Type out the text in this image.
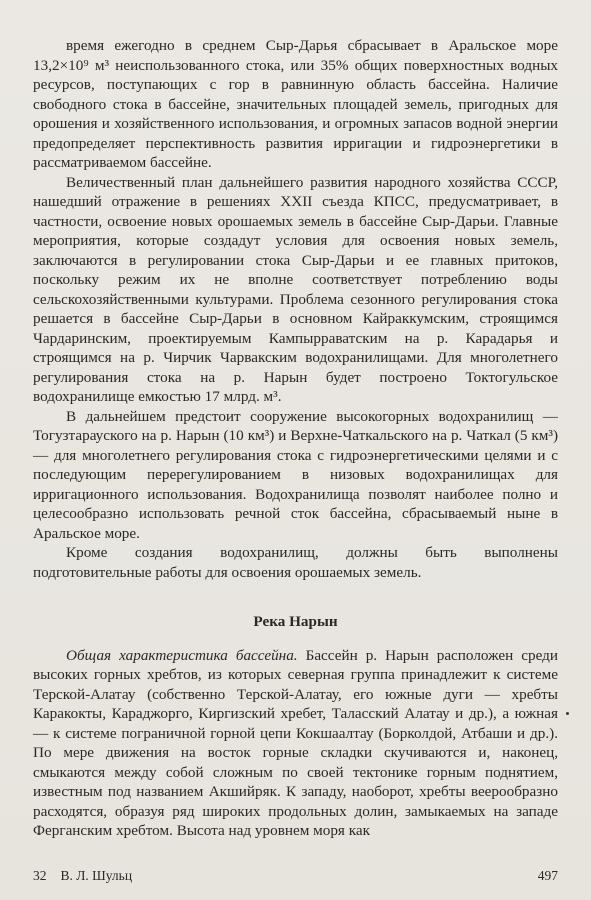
время ежегодно в среднем Сыр-Дарья сбрасывает в Аральское море 13,2×10⁹ м³ неиспользованного стока, или 35% общих поверхностных водных ресурсов, поступающих с гор в равнинную область бассейна. Наличие свободного стока в бассейне, значительных площадей земель, пригодных для орошения и хозяйственного использования, и огромных запасов водной энергии предопределяет перспективность развития ирригации и гидроэнергетики в рассматриваемом бассейне.

Величественный план дальнейшего развития народного хозяйства СССР, нашедший отражение в решениях XXII съезда КПСС, предусматривает, в частности, освоение новых орошаемых земель в бассейне Сыр-Дарьи. Главные мероприятия, которые создадут условия для освоения новых земель, заключаются в регулировании стока Сыр-Дарьи и ее главных притоков, поскольку режим их не вполне соответствует потреблению воды сельскохозяйственными культурами. Проблема сезонного регулирования стока решается в бассейне Сыр-Дарьи в основном Кайраккумским, строящимся Чардаринским, проектируемым Кампырраватским на р. Карадарья и строящимся на р. Чирчик Чарвакским водохранилищами. Для многолетнего регулирования стока на р. Нарын будет построено Токтогульское водохранилище емкостью 17 млрд. м³.

В дальнейшем предстоит сооружение высокогорных водохранилищ — Тогузтарауского на р. Нарын (10 км³) и Верхне-Чаткальского на р. Чаткал (5 км³) — для многолетнего регулирования стока с гидроэнергетическими целями и с последующим перерегулированием в низовых водохранилищах для ирригационного использования. Водохранилища позволят наиболее полно и целесообразно использовать речной сток бассейна, сбрасываемый ныне в Аральское море.

Кроме создания водохранилищ, должны быть выполнены подготовительные работы для освоения орошаемых земель.

Река Нарын

Общая характеристика бассейна. Бассейн р. Нарын расположен среди высоких горных хребтов, из которых северная группа принадлежит к системе Терской-Алатау (собственно Терской-Алатау, его южные дуги — хребты Каракокты, Караджорго, Киргизский хребет, Таласский Алатау и др.), а южная — к системе пограничной горной цепи Кокшаалтау (Борколдой, Атбаши и др.). По мере движения на восток горные складки скучиваются и, наконец, смыкаются между собой сложным по своей тектонике горным поднятием, известным под названием Акшийряк. К западу, наоборот, хребты веерообразно расходятся, образуя ряд широких продольных долин, замыкаемых на западе Ферганским хребтом. Высота над уровнем моря как

32 В. Л. Шульц	497
